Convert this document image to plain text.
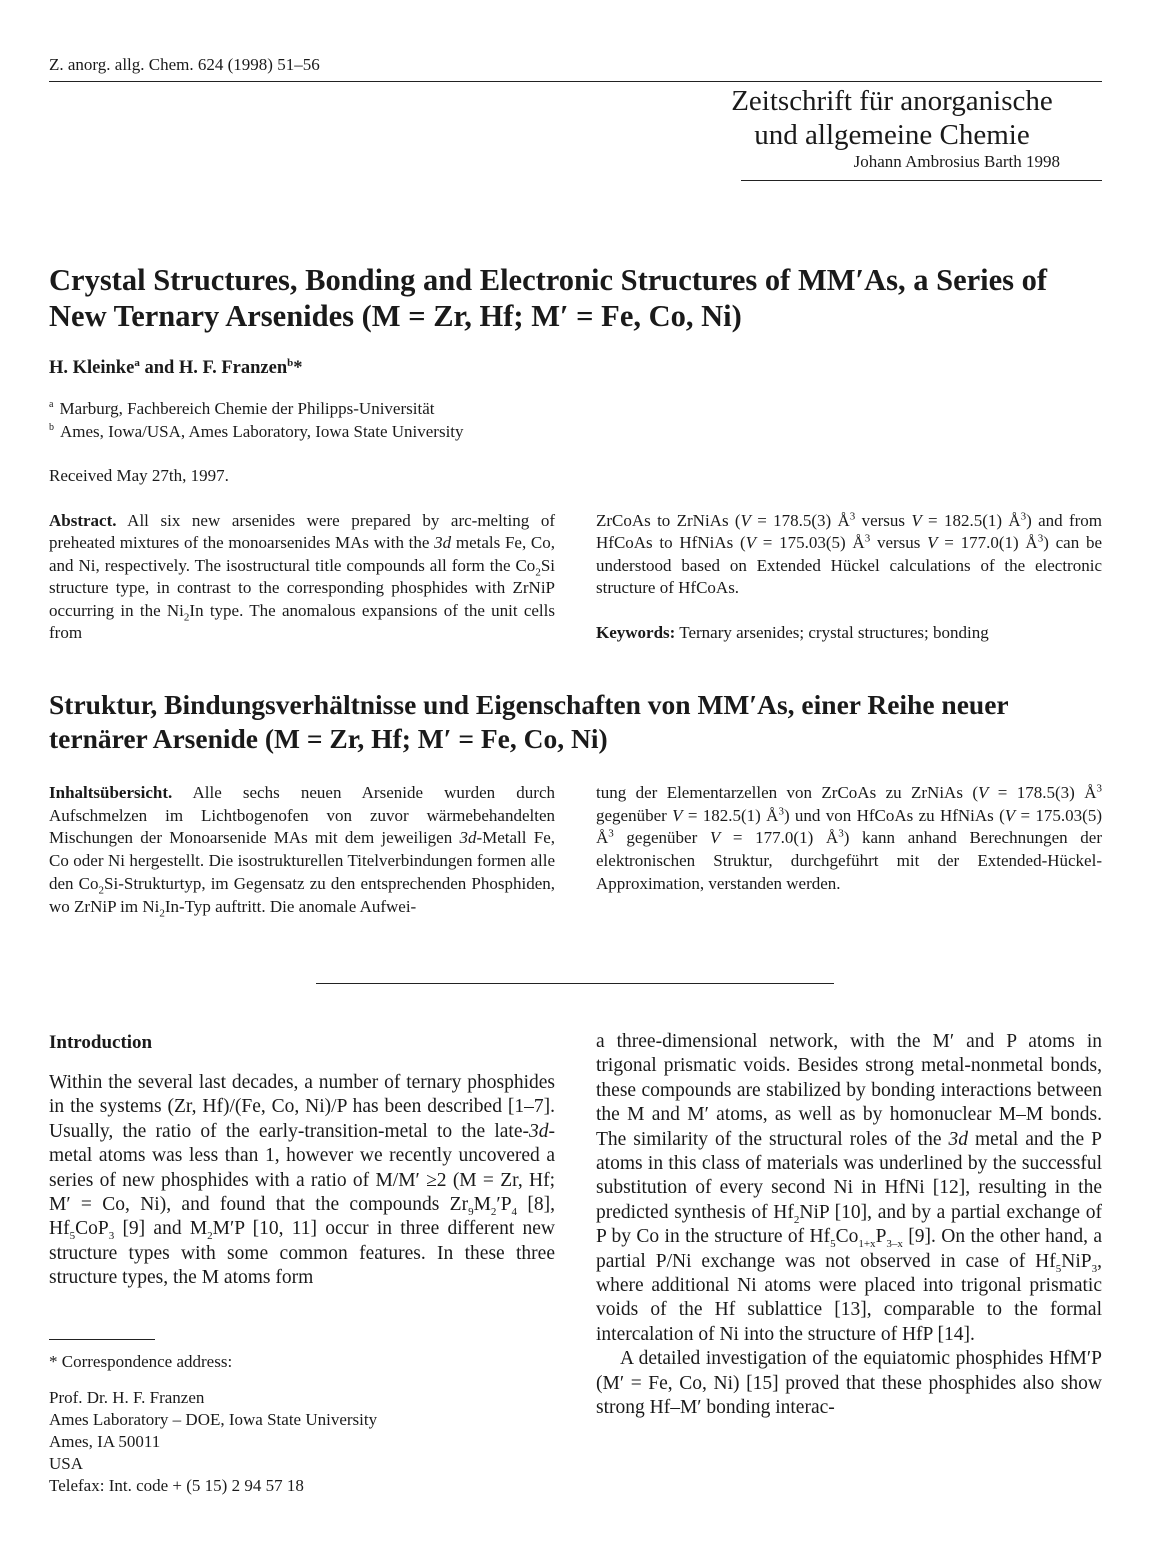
Z. anorg. allg. Chem. 624 (1998) 51–56
Zeitschrift für anorganische
und allgemeine Chemie
Johann Ambrosius Barth 1998
Crystal Structures, Bonding and Electronic Structures of MM′As, a Series of New Ternary Arsenides (M = Zr, Hf; M′ = Fe, Co, Ni)
H. Kleinke$^a$ and H. F. Franzen$^b$*
$^a$ Marburg, Fachbereich Chemie der Philipps-Universität
$^b$ Ames, Iowa/USA, Ames Laboratory, Iowa State University
Received May 27th, 1997.
Abstract. All six new arsenides were prepared by arc-melting of preheated mixtures of the monoarsenides MAs with the 3d metals Fe, Co, and Ni, respectively. The isostructural title compounds all form the $Co_2Si$ structure type, in contrast to the corresponding phosphides with ZrNiP occurring in the $Ni_2In$ type. The anomalous expansions of the unit cells from
ZrCoAs to ZrNiAs (V = 178.5(3) $Å^3$ versus V = 182.5(1) $Å^3$) and from HfCoAs to HfNiAs (V = 175.03(5) $Å^3$ versus V = 177.0(1) $Å^3$) can be understood based on Extended Hückel calculations of the electronic structure of HfCoAs.
Keywords: Ternary arsenides; crystal structures; bonding
Struktur, Bindungsverhältnisse und Eigenschaften von MM′As, einer Reihe neuer ternärer Arsenide (M = Zr, Hf; M′ = Fe, Co, Ni)
Inhaltsübersicht. Alle sechs neuen Arsenide wurden durch Aufschmelzen im Lichtbogenofen von zuvor wärmebehandelten Mischungen der Monoarsenide MAs mit dem jeweiligen 3d-Metall Fe, Co oder Ni hergestellt. Die isostrukturellen Titelverbindungen formen alle den $Co_2Si$-Strukturtyp, im Gegensatz zu den entsprechenden Phosphiden, wo ZrNiP im $Ni_2In$-Typ auftritt. Die anomale Aufwei-
tung der Elementarzellen von ZrCoAs zu ZrNiAs (V = 178.5(3) $Å^3$ gegenüber V = 182.5(1) $Å^3$) und von HfCoAs zu HfNiAs (V = 175.03(5) $Å^3$ gegenüber V = 177.0(1) $Å^3$) kann anhand Berechnungen der elektronischen Struktur, durchgeführt mit der Extended-Hückel-Approximation, verstanden werden.
Introduction
Within the several last decades, a number of ternary phosphides in the systems (Zr, Hf)/(Fe, Co, Ni)/P has been described [1–7]. Usually, the ratio of the early-transition-metal to the late-3d-metal atoms was less than 1, however we recently uncovered a series of new phosphides with a ratio of M/M′ ≥2 (M = Zr, Hf; M′ = Co, Ni), and found that the compounds $Zr_9M_2'P_4$ [8], $Hf_5CoP_3$ [9] and $M_2M'P$ [10, 11] occur in three different new structure types with some common features. In these three structure types, the M atoms form
* Correspondence address:
Prof. Dr. H. F. Franzen
Ames Laboratory – DOE, Iowa State University
Ames, IA 50011
USA
Telefax: Int. code + (5 15) 2 94 57 18
a three-dimensional network, with the M′ and P atoms in trigonal prismatic voids. Besides strong metal-nonmetal bonds, these compounds are stabilized by bonding interactions between the M and M′ atoms, as well as by homonuclear M–M bonds. The similarity of the structural roles of the 3d metal and the P atoms in this class of materials was underlined by the successful substitution of every second Ni in HfNi [12], resulting in the predicted synthesis of $Hf_2NiP$ [10], and by a partial exchange of P by Co in the structure of $Hf_5Co_{1+x}P_{3-x}$ [9]. On the other hand, a partial P/Ni exchange was not observed in case of $Hf_5NiP_3$, where additional Ni atoms were placed into trigonal prismatic voids of the Hf sublattice [13], comparable to the formal intercalation of Ni into the structure of HfP [14].
A detailed investigation of the equiatomic phosphides HfM′P (M′ = Fe, Co, Ni) [15] proved that these phosphides also show strong Hf–M′ bonding interac-
